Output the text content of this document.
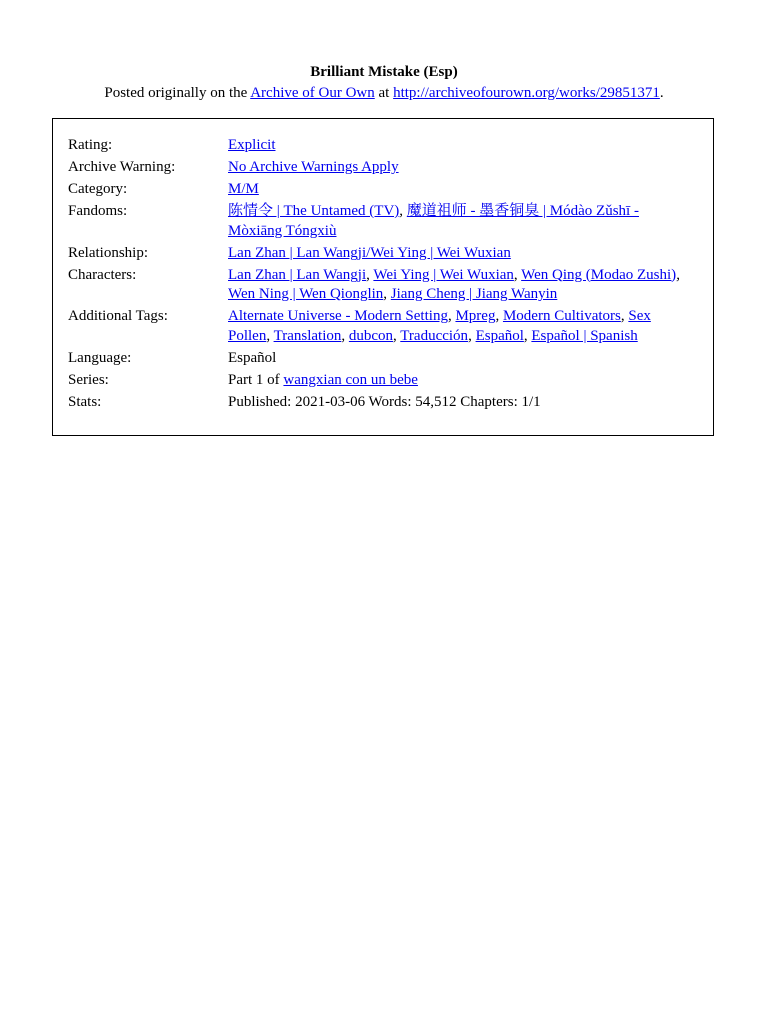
Brilliant Mistake (Esp)
Posted originally on the Archive of Our Own at http://archiveofourown.org/works/29851371.
Rating:	Explicit
Archive Warning:	No Archive Warnings Apply
Category:	M/M
Fandoms:	陈情令 | The Untamed (TV), 魔道祖师 - 墨香铜臭 | Módào Zǔshī - Mòxiāng Tóngxiù
Relationship:	Lan Zhan | Lan Wangji/Wei Ying | Wei Wuxian
Characters:	Lan Zhan | Lan Wangji, Wei Ying | Wei Wuxian, Wen Qing (Modao Zushi), Wen Ning | Wen Qionglin, Jiang Cheng | Jiang Wanyin
Additional Tags:	Alternate Universe - Modern Setting, Mpreg, Modern Cultivators, Sex Pollen, Translation, dubcon, Traducción, Español, Español | Spanish
Language:	Español
Series:	Part 1 of wangxian con un bebe
Stats:	Published: 2021-03-06 Words: 54,512 Chapters: 1/1
